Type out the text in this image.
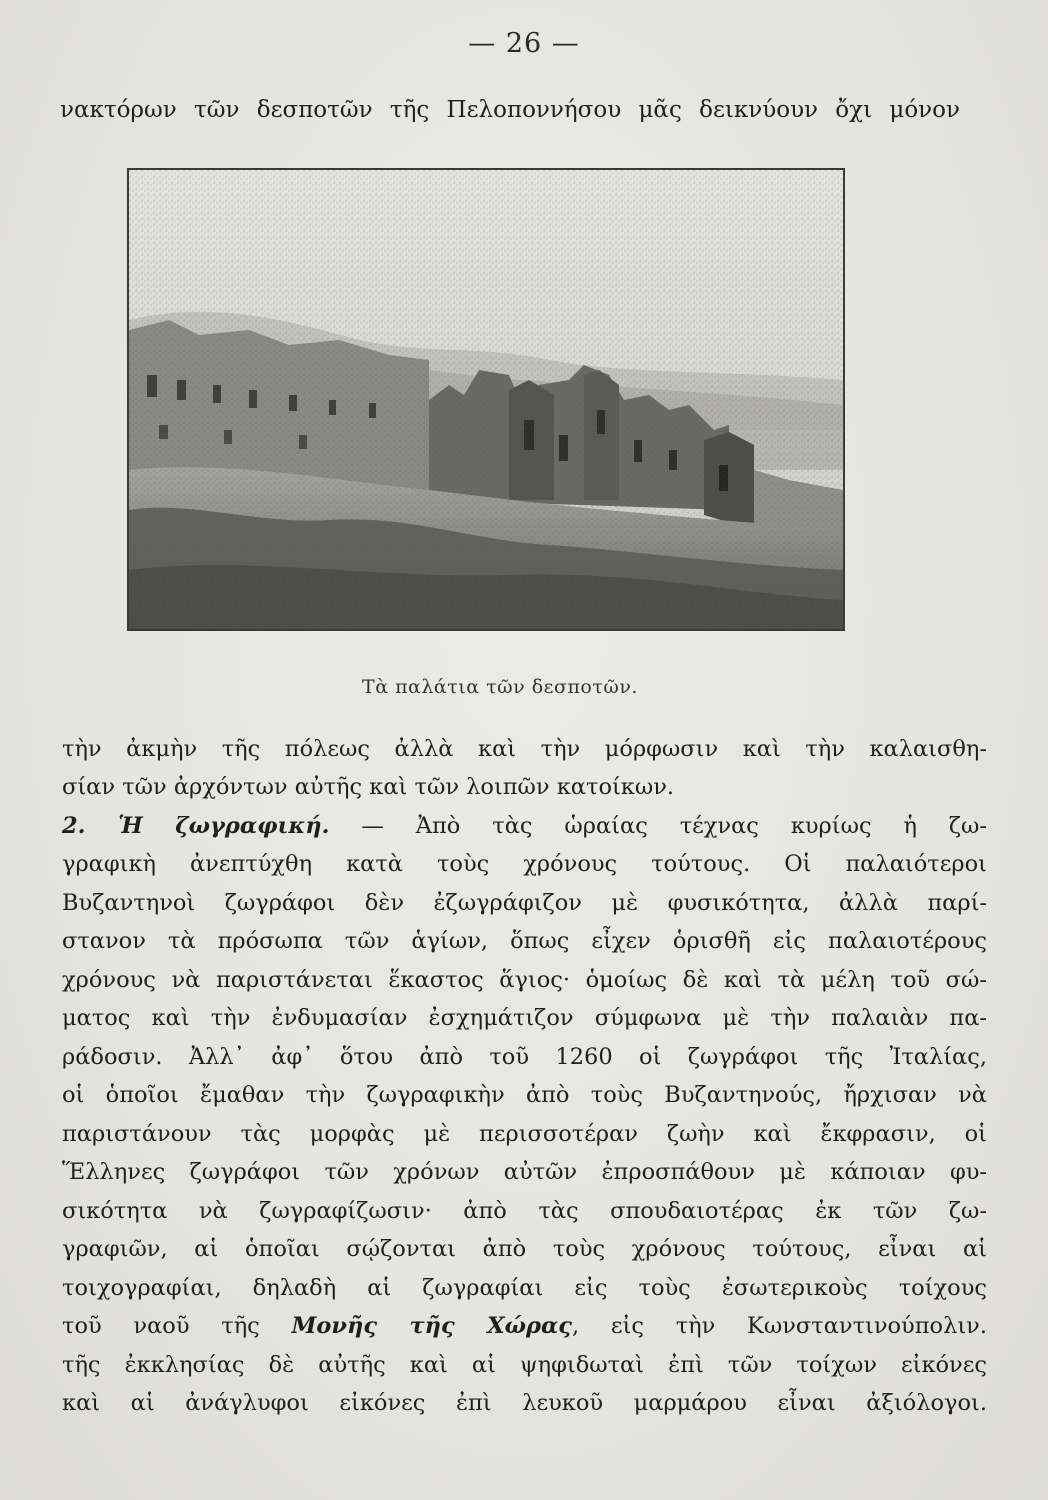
— 26 —
νακτόρων τῶν δεσποτῶν τῆς Πελοποννήσου μᾶς δεικνύουν ὄχι μόνον
Τὰ παλάτια τῶν δεσποτῶν.
τὴν ἀκμὴν τῆς πόλεως ἀλλὰ καὶ τὴν μόρφωσιν καὶ τὴν καλαισθη-
σίαν τῶν ἀρχόντων αὐτῆς καὶ τῶν λοιπῶν κατοίκων.
2. Ἡ ζωγραφική. — Ἀπὸ τὰς ὡραίας τέχνας κυρίως ἡ ζω-
γραφικὴ ἀνεπτύχθη κατὰ τοὺς χρόνους τούτους. Οἱ παλαιότεροι
Βυζαντηνοὶ ζωγράφοι δὲν ἐζωγράφιζον μὲ φυσικότητα, ἀλλὰ παρί-
στανον τὰ πρόσωπα τῶν ἁγίων, ὅπως εἶχεν ὁρισθῆ εἰς παλαιοτέρους
χρόνους νὰ παριστάνεται ἕκαστος ἅγιος· ὁμοίως δὲ καὶ τὰ μέλη τοῦ σώ-
ματος καὶ τὴν ἐνδυμασίαν ἐσχημάτιζον σύμφωνα μὲ τὴν παλαιὰν πα-
ράδοσιν. Ἀλλ᾽ ἀφ᾽ ὅτου ἀπὸ τοῦ 1260 οἱ ζωγράφοι τῆς Ἰταλίας,
οἱ ὁποῖοι ἔμαθαν τὴν ζωγραφικὴν ἀπὸ τοὺς Βυζαντηνούς, ἤρχισαν νὰ
παριστάνουν τὰς μορφὰς μὲ περισσοτέραν ζωὴν καὶ ἔκφρασιν, οἱ
Ἕλληνες ζωγράφοι τῶν χρόνων αὐτῶν ἐπροσπάθουν μὲ κάποιαν φυ-
σικότητα νὰ ζωγραφίζωσιν· ἀπὸ τὰς σπουδαιοτέρας ἐκ τῶν ζω-
γραφιῶν, αἱ ὁποῖαι σῴζονται ἀπὸ τοὺς χρόνους τούτους, εἶναι αἱ
τοιχογραφίαι, δηλαδὴ αἱ ζωγραφίαι εἰς τοὺς ἐσωτερικοὺς τοίχους
τοῦ ναοῦ τῆς Μονῆς τῆς Χώρας, εἰς τὴν Κωνσταντινούπολιν.
τῆς ἐκκλησίας δὲ αὐτῆς καὶ αἱ ψηφιδωταὶ ἐπὶ τῶν τοίχων εἰκόνες
καὶ αἱ ἀνάγλυφοι εἰκόνες ἐπὶ λευκοῦ μαρμάρου εἶναι ἀξιόλογοι.
